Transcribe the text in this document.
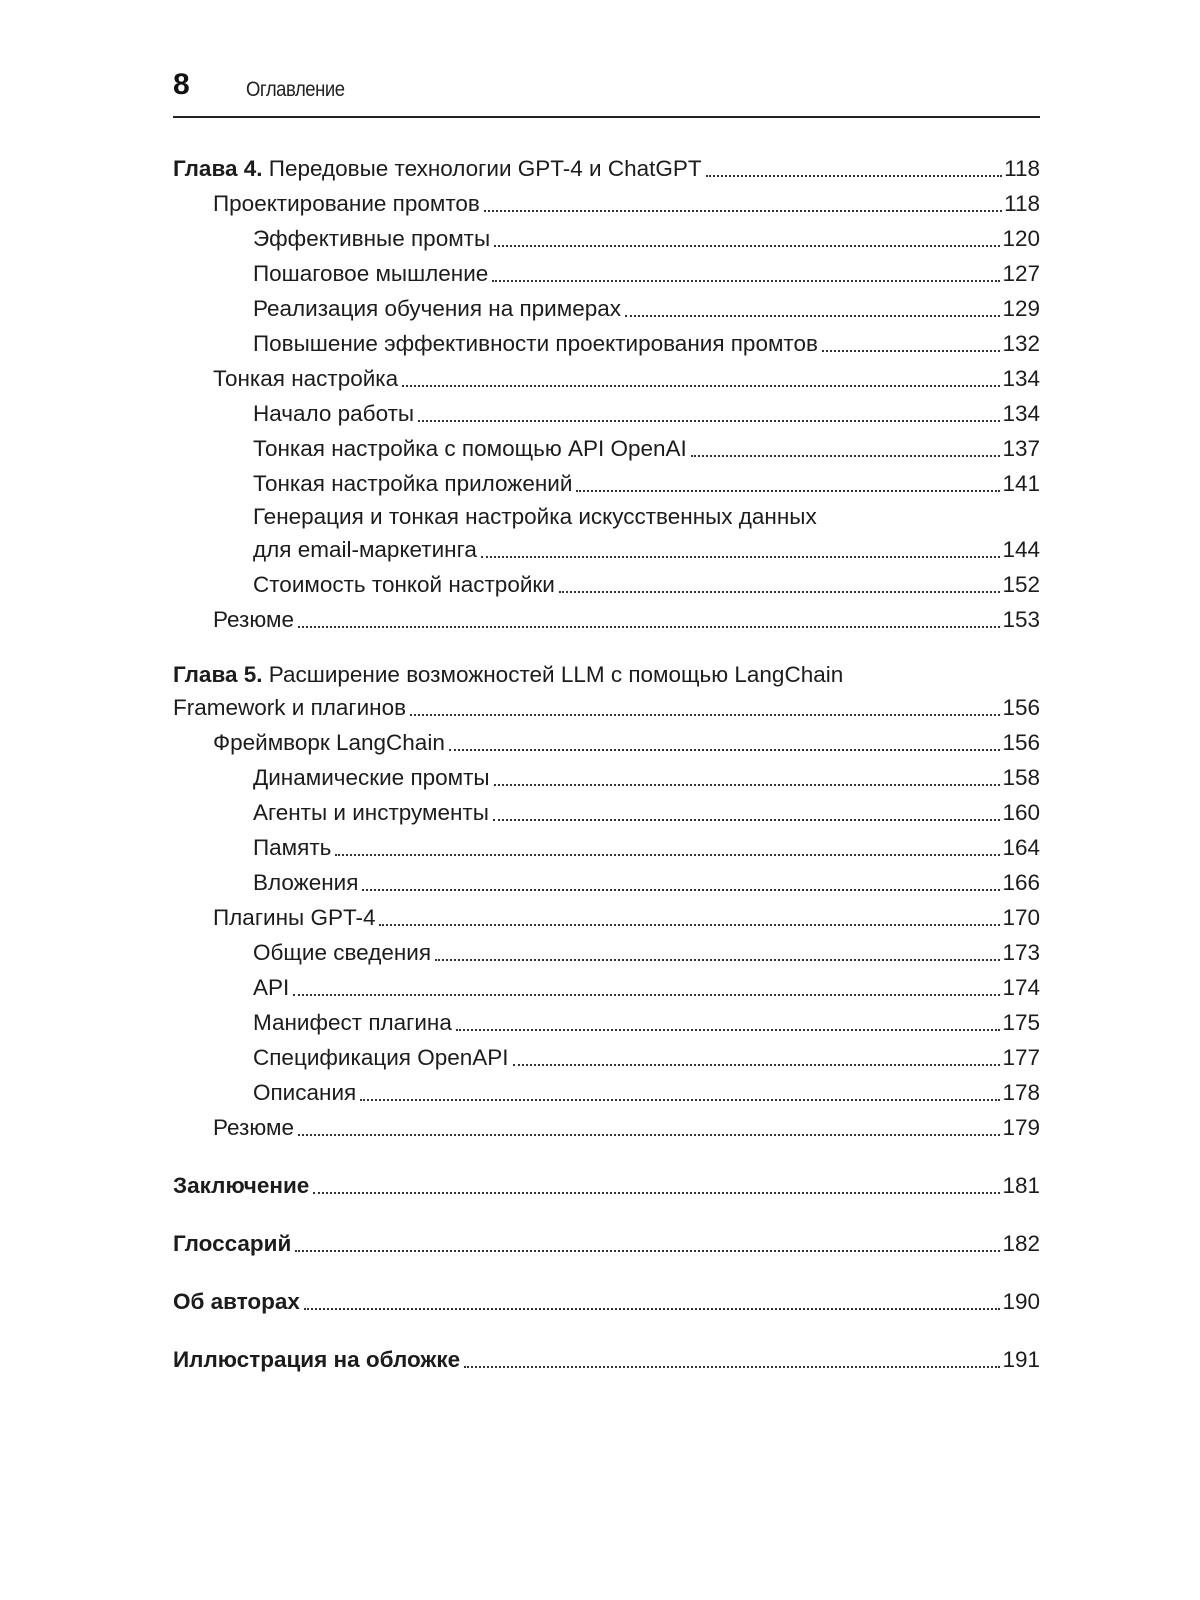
8	Оглавление
Глава 4. Передовые технологии GPT-4 и ChatGPT	118
Проектирование промтов	118
Эффективные промты	120
Пошаговое мышление	127
Реализация обучения на примерах	129
Повышение эффективности проектирования промтов	132
Тонкая настройка	134
Начало работы	134
Тонкая настройка с помощью API OpenAI	137
Тонкая настройка приложений	141
Генерация и тонкая настройка искусственных данных
для email-маркетинга	144
Стоимость тонкой настройки	152
Резюме	153
Глава 5. Расширение возможностей LLM с помощью LangChain
Framework и плагинов	156
Фреймворк LangChain	156
Динамические промты	158
Агенты и инструменты	160
Память	164
Вложения	166
Плагины GPT-4	170
Общие сведения	173
API	174
Манифест плагина	175
Спецификация OpenAPI	177
Описания	178
Резюме	179
Заключение	181
Глоссарий	182
Об авторах	190
Иллюстрация на обложке	191
